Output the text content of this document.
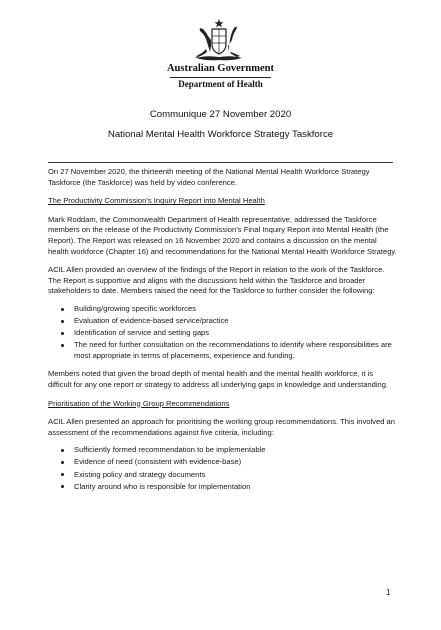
Australian Government
Department of Health
Communique 27 November 2020
National Mental Health Workforce Strategy Taskforce

On 27 November 2020, the thirteenth meeting of the National Mental Health Workforce Strategy Taskforce (the Taskforce) was held by video conference.

The Productivity Commission’s Inquiry Report into Mental Health

Mark Roddam, the Commonwealth Department of Health representative, addressed the Taskforce members on the release of the Productivity Commission’s Final Inquiry Report into Mental Health (the Report). The Report was released on 16 November 2020 and contains a discussion on the mental health workforce (Chapter 16) and recommendations for the National Mental Health Workforce Strategy.

ACIL Allen provided an overview of the findings of the Report in relation to the work of the Taskforce. The Report is supportive and aligns with the discussions held within the Taskforce and broader stakeholders to date. Members raised the need for the Taskforce to further consider the following:

Building/growing specific workforces
Evaluation of evidence-based service/practice
Identification of service and setting gaps
The need for further consultation on the recommendations to identify where responsibilities are most appropriate in terms of placements, experience and funding.

Members noted that given the broad depth of mental health and the mental health workforce, it is difficult for any one report or strategy to address all underlying gaps in knowledge and understanding.

Prioritisation of the Working Group Recommendations

ACIL Allen presented an approach for prioritising the working group recommendations. This involved an assessment of the recommendations against five criteria, including:

Sufficiently formed recommendation to be implementable
Evidence of need (consistent with evidence-base)
Existing policy and strategy documents
Clarity around who is responsible for implementation
1
